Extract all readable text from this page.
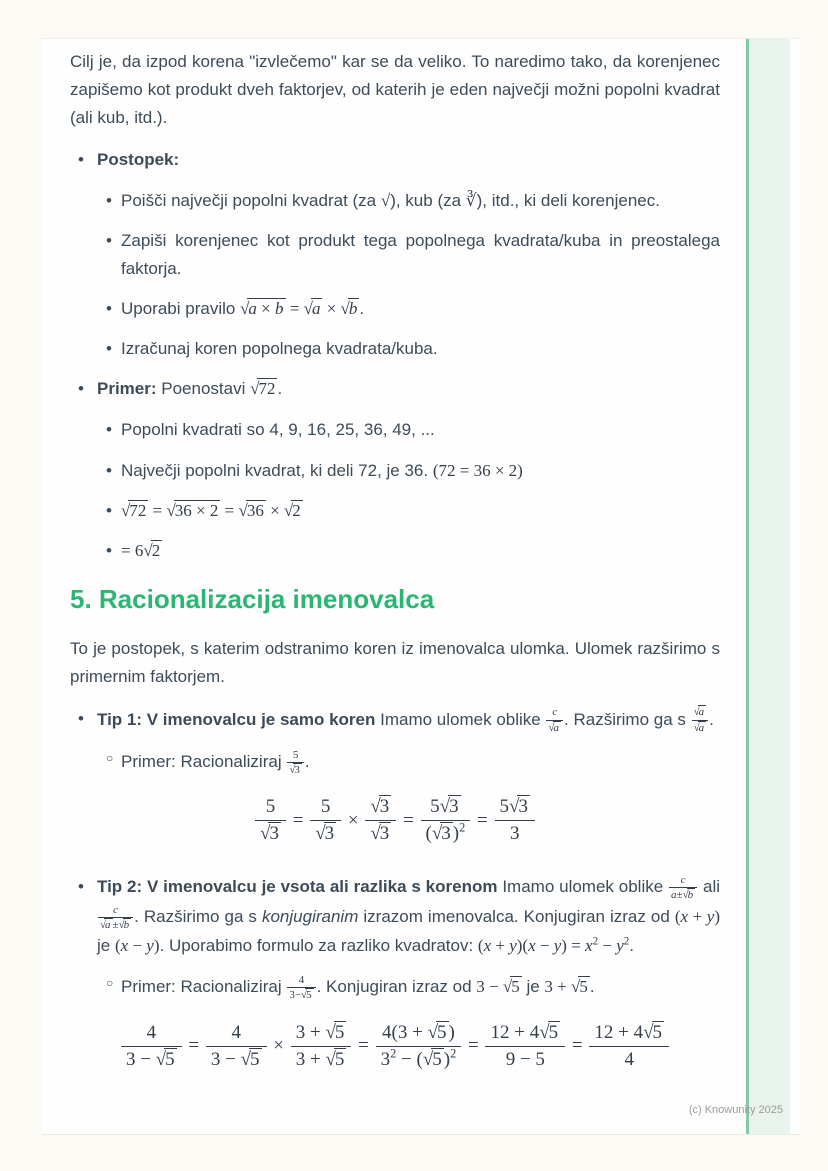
Cilj je, da izpod korena "izvlečemo" kar se da veliko. To naredimo tako, da korenjenec zapišemo kot produkt dveh faktorjev, od katerih je eden največji možni popolni kvadrat (ali kub, itd.).

• Postopek:
• Poišči največji popolni kvadrat (za √), kub (za ∛), itd., ki deli korenjenec.
• Zapiši korenjenec kot produkt tega popolnega kvadrata/kuba in preostalega faktorja.
• Uporabi pravilo √a × b = √a × √b .
• Izračunaj koren popolnega kvadrata/kuba.
• Primer: Poenostavi √72 .
• Popolni kvadrati so 4, 9, 16, 25, 36, 49, ...
• Največji popolni kvadrat, ki deli 72, je 36. (72 = 36 × 2)
• √72 = √36 × 2 = √36 × √2
• = 6√2
5. Racionalizacija imenovalca

To je postopek, s katerim odstranimo koren iz imenovalca ulomka. Ulomek razširimo s primernim faktorjem.

• Tip 1: V imenovalcu je samo koren Imamo ulomek oblike $\frac{c}{√a}$ . Razširimo ga s $\frac{√a}{√a}$ .
○ Primer: Racionaliziraj $\frac{5}{√3}$ .
$\frac{5}{√3} = \frac{5}{√3} \times \frac{√3}{√3} = \frac{5√3}{(√3 )^2} = \frac{5√3}{3}$
• Tip 2: V imenovalcu je vsota ali razlika s korenom Imamo ulomek oblike $\frac{c}{a\pm√b}$ ali
$\frac{c}{√a \pm√b}$ . Razširimo ga s konjugiranim izrazom imenovalca. Konjugiran izraz od (x + y) je (x − y). Uporabimo formulo za razliko kvadratov: $(x + y)(x - y) = x^2 - y^2$.
○ Primer: Racionaliziraj $\frac{4}{3-√5}$ . Konjugiran izraz od 3 − √5 je 3 + √5 .
$\frac{4}{3 - √5} = \frac{4}{3 - √5} \times \frac{3 + √5}{3 + √5} = \frac{4(3 + √5 )}{3^2 - (√5 )^2} = \frac{12 + 4√5}{9 - 5} = \frac{12 + 4√5}{4}$
(c) Knowunity 2025
